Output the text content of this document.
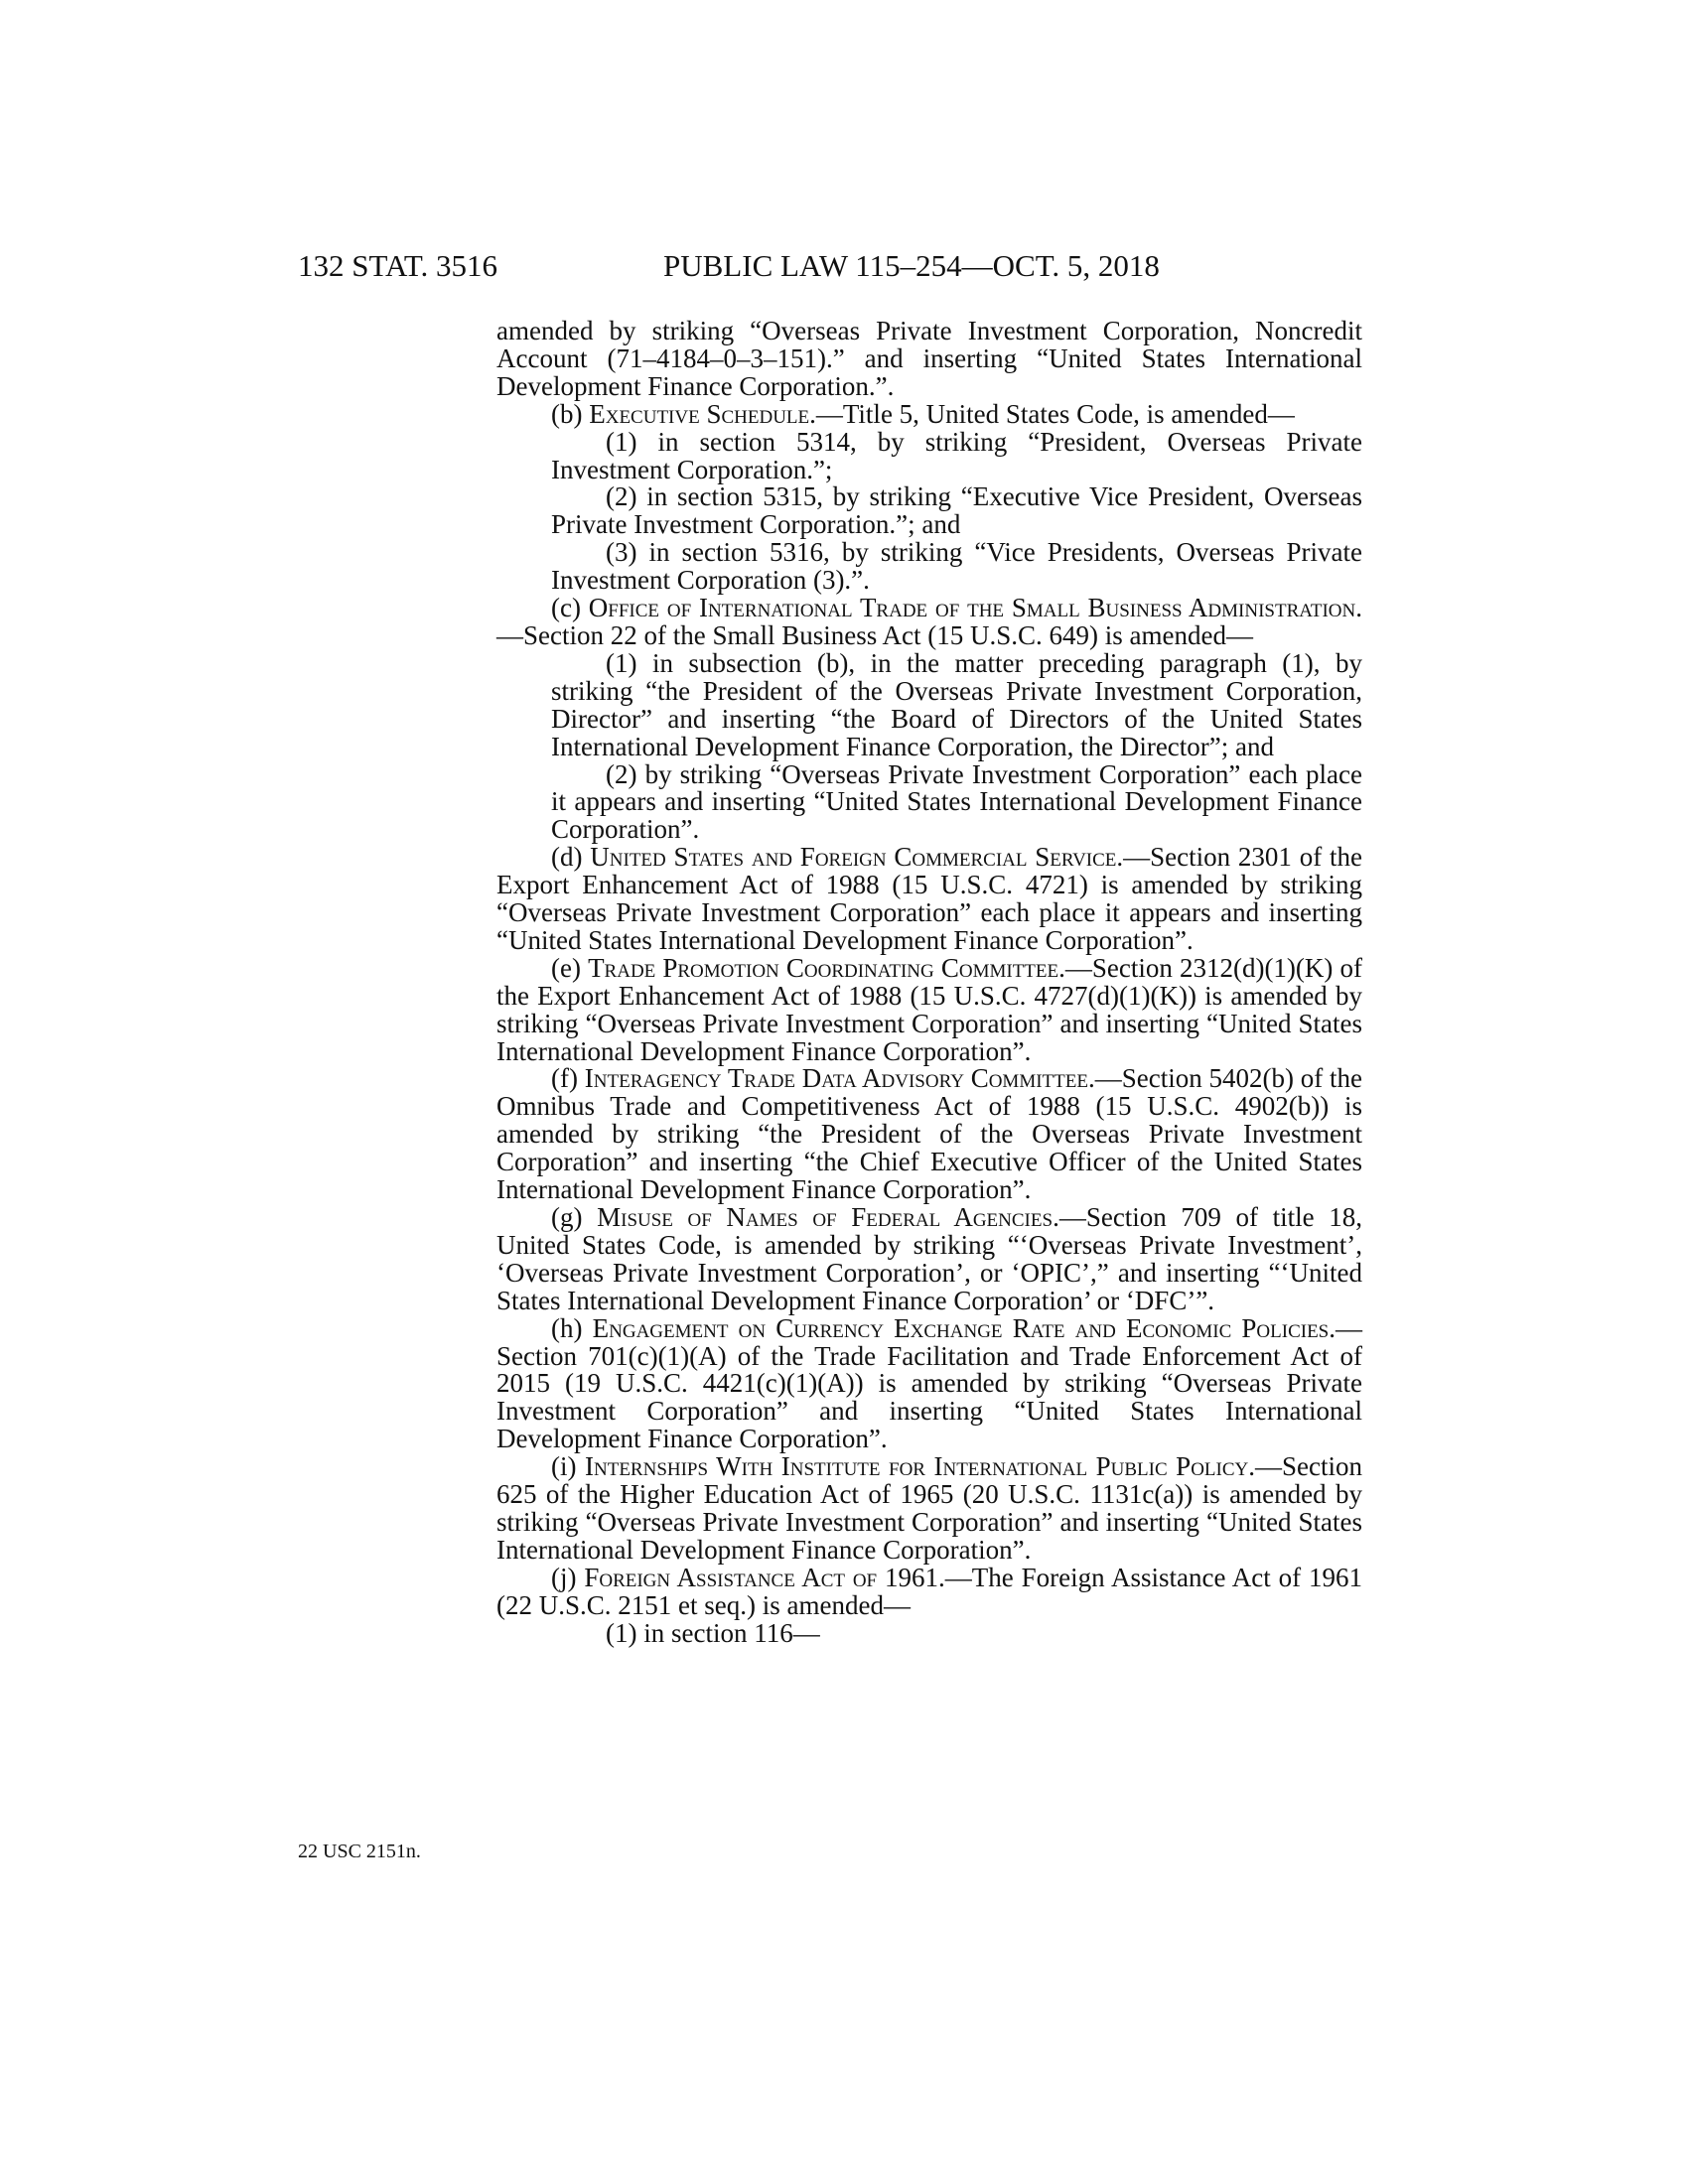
132 STAT. 3516	PUBLIC LAW 115–254—OCT. 5, 2018

amended by striking “Overseas Private Investment Corporation, Noncredit Account (71–4184–0–3–151).” and inserting “United States International Development Finance Corporation.”.

(b) Executive Schedule.—Title 5, United States Code, is amended—

(1) in section 5314, by striking “President, Overseas Private Investment Corporation.”;

(2) in section 5315, by striking “Executive Vice President, Overseas Private Investment Corporation.”; and

(3) in section 5316, by striking “Vice Presidents, Overseas Private Investment Corporation (3).”.

(c) Office of International Trade of the Small Business Administration.—Section 22 of the Small Business Act (15 U.S.C. 649) is amended—

(1) in subsection (b), in the matter preceding paragraph (1), by striking “the President of the Overseas Private Investment Corporation, Director” and inserting “the Board of Directors of the United States International Development Finance Corporation, the Director”; and

(2) by striking “Overseas Private Investment Corporation” each place it appears and inserting “United States International Development Finance Corporation”.

(d) United States and Foreign Commercial Service.—Section 2301 of the Export Enhancement Act of 1988 (15 U.S.C. 4721) is amended by striking “Overseas Private Investment Corporation” each place it appears and inserting “United States International Development Finance Corporation”.

(e) Trade Promotion Coordinating Committee.—Section 2312(d)(1)(K) of the Export Enhancement Act of 1988 (15 U.S.C. 4727(d)(1)(K)) is amended by striking “Overseas Private Investment Corporation” and inserting “United States International Development Finance Corporation”.

(f) Interagency Trade Data Advisory Committee.—Section 5402(b) of the Omnibus Trade and Competitiveness Act of 1988 (15 U.S.C. 4902(b)) is amended by striking “the President of the Overseas Private Investment Corporation” and inserting “the Chief Executive Officer of the United States International Development Finance Corporation”.

(g) Misuse of Names of Federal Agencies.—Section 709 of title 18, United States Code, is amended by striking “‘Overseas Private Investment’, ‘Overseas Private Investment Corporation’, or ‘OPIC’,” and inserting “‘United States International Development Finance Corporation’ or ‘DFC’”.

(h) Engagement on Currency Exchange Rate and Economic Policies.—Section 701(c)(1)(A) of the Trade Facilitation and Trade Enforcement Act of 2015 (19 U.S.C. 4421(c)(1)(A)) is amended by striking “Overseas Private Investment Corporation” and inserting “United States International Development Finance Corporation”.

(i) Internships With Institute for International Public Policy.—Section 625 of the Higher Education Act of 1965 (20 U.S.C. 1131c(a)) is amended by striking “Overseas Private Investment Corporation” and inserting “United States International Development Finance Corporation”.

(j) Foreign Assistance Act of 1961.—The Foreign Assistance Act of 1961 (22 U.S.C. 2151 et seq.) is amended—

(1) in section 116—

22 USC 2151n.
